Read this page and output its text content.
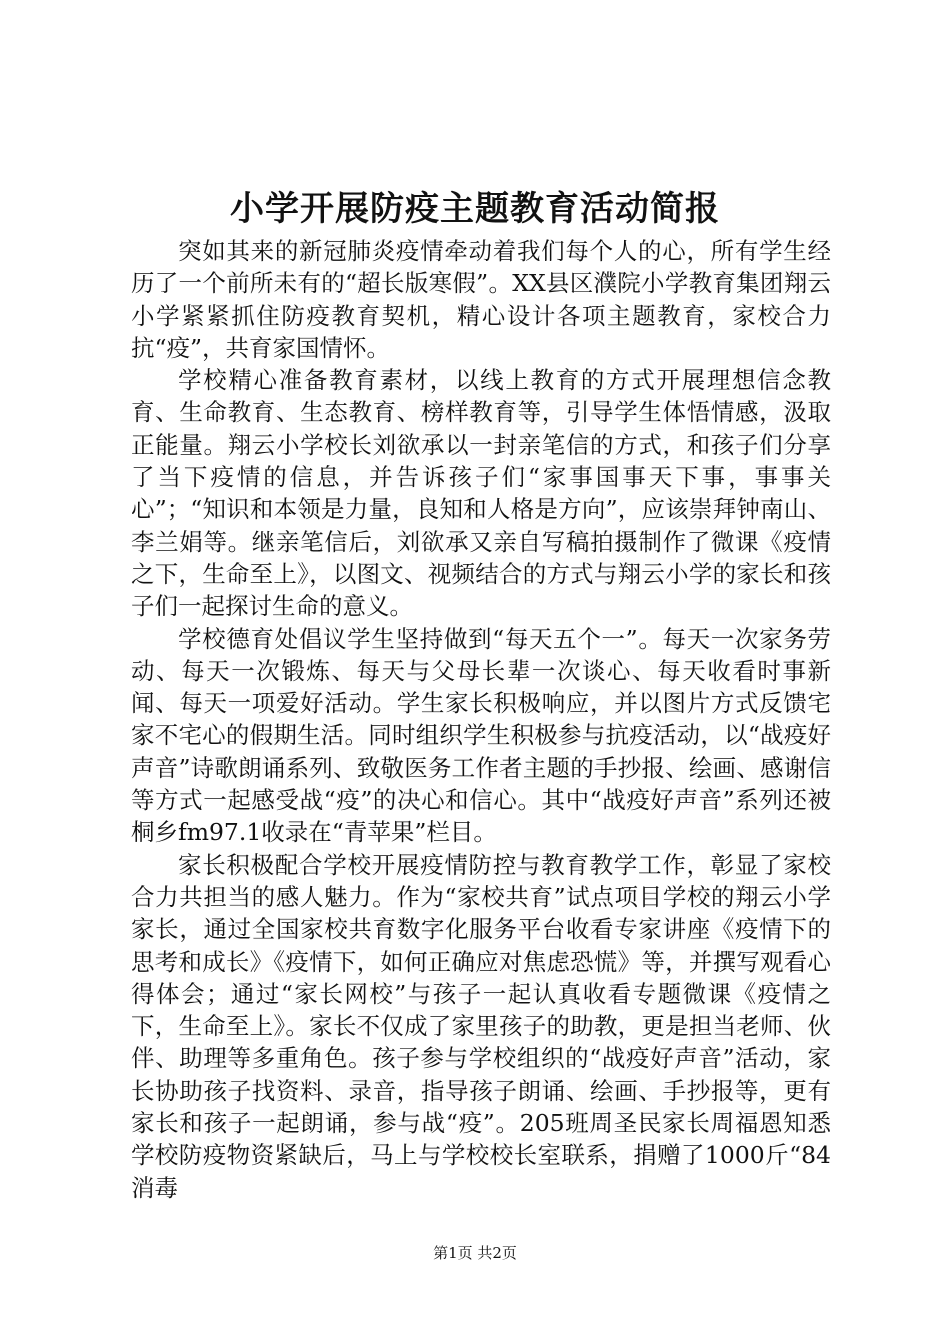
小学开展防疫主题教育活动简报

突如其来的新冠肺炎疫情牵动着我们每个人的心，所有学生经历了一个前所未有的“超长版寒假”。XX县区濮院小学教育集团翔云小学紧紧抓住防疫教育契机，精心设计各项主题教育，家校合力抗“疫”，共育家国情怀。

学校精心准备教育素材，以线上教育的方式开展理想信念教育、生命教育、生态教育、榜样教育等，引导学生体悟情感，汲取正能量。翔云小学校长刘欲承以一封亲笔信的方式，和孩子们分享了当下疫情的信息，并告诉孩子们“家事国事天下事，事事关心”；“知识和本领是力量，良知和人格是方向”，应该崇拜钟南山、李兰娟等。继亲笔信后，刘欲承又亲自写稿拍摄制作了微课《疫情之下，生命至上》，以图文、视频结合的方式与翔云小学的家长和孩子们一起探讨生命的意义。

学校德育处倡议学生坚持做到“每天五个一”。每天一次家务劳动、每天一次锻炼、每天与父母长辈一次谈心、每天收看时事新闻、每天一项爱好活动。学生家长积极响应，并以图片方式反馈宅家不宅心的假期生活。同时组织学生积极参与抗疫活动，以“战疫好声音”诗歌朗诵系列、致敬医务工作者主题的手抄报、绘画、感谢信等方式一起感受战“疫”的决心和信心。其中“战疫好声音”系列还被桐乡fm97.1收录在“青苹果”栏目。

家长积极配合学校开展疫情防控与教育教学工作，彰显了家校合力共担当的感人魅力。作为“家校共育”试点项目学校的翔云小学家长，通过全国家校共育数字化服务平台收看专家讲座《疫情下的思考和成长》《疫情下，如何正确应对焦虑恐慌》等，并撰写观看心得体会；通过“家长网校”与孩子一起认真收看专题微课《疫情之下，生命至上》。家长不仅成了家里孩子的助教，更是担当老师、伙伴、助理等多重角色。孩子参与学校组织的“战疫好声音”活动，家长协助孩子找资料、录音，指导孩子朗诵、绘画、手抄报等，更有家长和孩子一起朗诵，参与战“疫”。205班周圣民家长周福恩知悉学校防疫物资紧缺后，马上与学校校长室联系，捐赠了1000斤“84消毒

第1页 共2页
